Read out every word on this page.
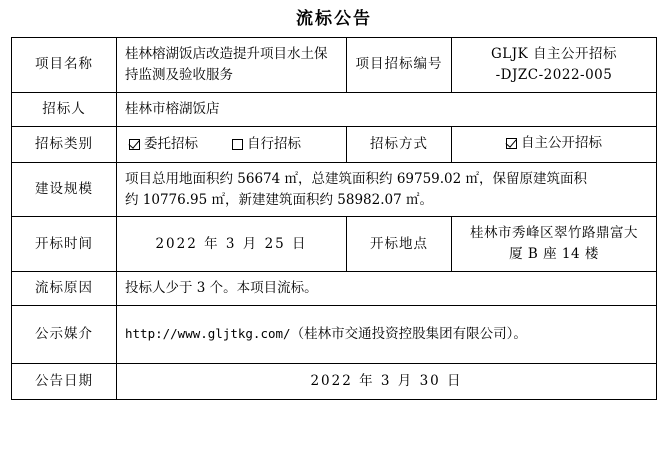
流标公告
项目名称	桂林榕湖饭店改造提升项目水土保持监测及验收服务	项目招标编号	GLJK 自主公开招标
-DJZC-2022-005

招标人	桂林市榕湖饭店		
招标类别	委托招标 自行招标	招标方式	自主公开招标

建设规模	项目总用地面积约 56674 ㎡，总建筑面积约 69759.02 ㎡，保留原建筑面积
约 10776.95 ㎡，新建建筑面积约 58982.07 ㎡。		

开标时间	2022 年 3 月 25 日	开标地点	桂林市秀峰区翠竹路鼎富大
厦 B 座 14 楼

流标原因	投标人少于 3 个。本项目流标。		
公示媒介	http://www.gljtkg.com/（桂林市交通投资控股集团有限公司）。		
公告日期	2022 年 3 月 30 日		
